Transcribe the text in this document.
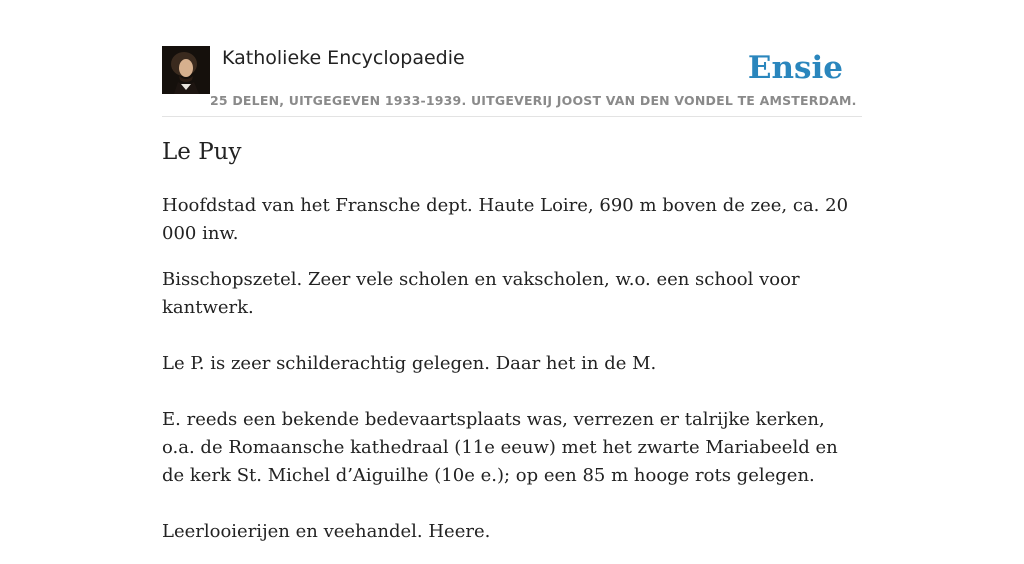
Katholieke Encyclopaedie
25 DELEN, UITGEGEVEN 1933-1939. UITGEVERIJ JOOST VAN DEN VONDEL TE AMSTERDAM.
Ensie
Le Puy

Hoofdstad van het Fransche dept. Haute Loire, 690 m boven de zee, ca. 20 000 inw.

Bisschopszetel. Zeer vele scholen en vakscholen, w.o. een school voor kantwerk.

Le P. is zeer schilderachtig gelegen. Daar het in de M.

E. reeds een bekende bedevaartsplaats was, verrezen er talrijke kerken, o.a. de Romaansche kathedraal (11e eeuw) met het zwarte Mariabeeld en de kerk St. Michel d’Aiguilhe (10e e.); op een 85 m hooge rots gelegen.

Leerlooierijen en veehandel. Heere.
